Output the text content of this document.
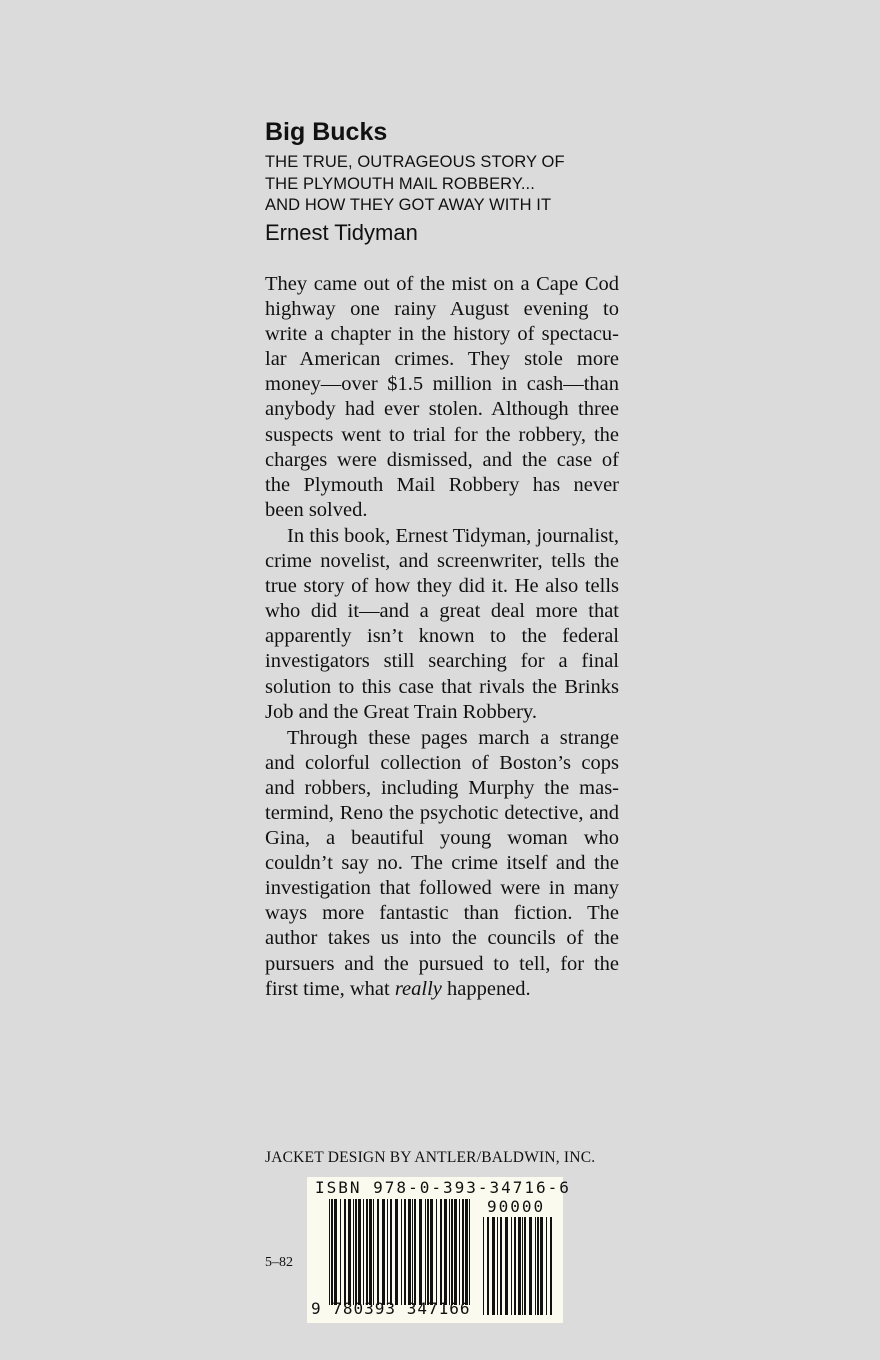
Big Bucks
THE TRUE, OUTRAGEOUS STORY OF
THE PLYMOUTH MAIL ROBBERY...
AND HOW THEY GOT AWAY WITH IT
Ernest Tidyman

They came out of the mist on a Cape Cod highway one rainy August evening to write a chapter in the history of spectacular American crimes. They stole more money—over $1.5 million in cash—than anybody had ever stolen. Although three suspects went to trial for the robbery, the charges were dismissed, and the case of the Plymouth Mail Robbery has never been solved.

In this book, Ernest Tidyman, journalist, crime novelist, and screenwriter, tells the true story of how they did it. He also tells who did it—and a great deal more that apparently isn’t known to the federal investigators still searching for a final solution to this case that rivals the Brinks Job and the Great Train Robbery.

Through these pages march a strange and colorful collection of Boston’s cops and robbers, including Murphy the mastermind, Reno the psychotic detective, and Gina, a beautiful young woman who couldn’t say no. The crime itself and the investigation that followed were in many ways more fantastic than fiction. The author takes us into the councils of the pursuers and the pursued to tell, for the first time, what really happened.

JACKET DESIGN BY ANTLER/BALDWIN, INC.
5–82
ISBN 978-0-393-34716-6
90000
9 780393 347166
